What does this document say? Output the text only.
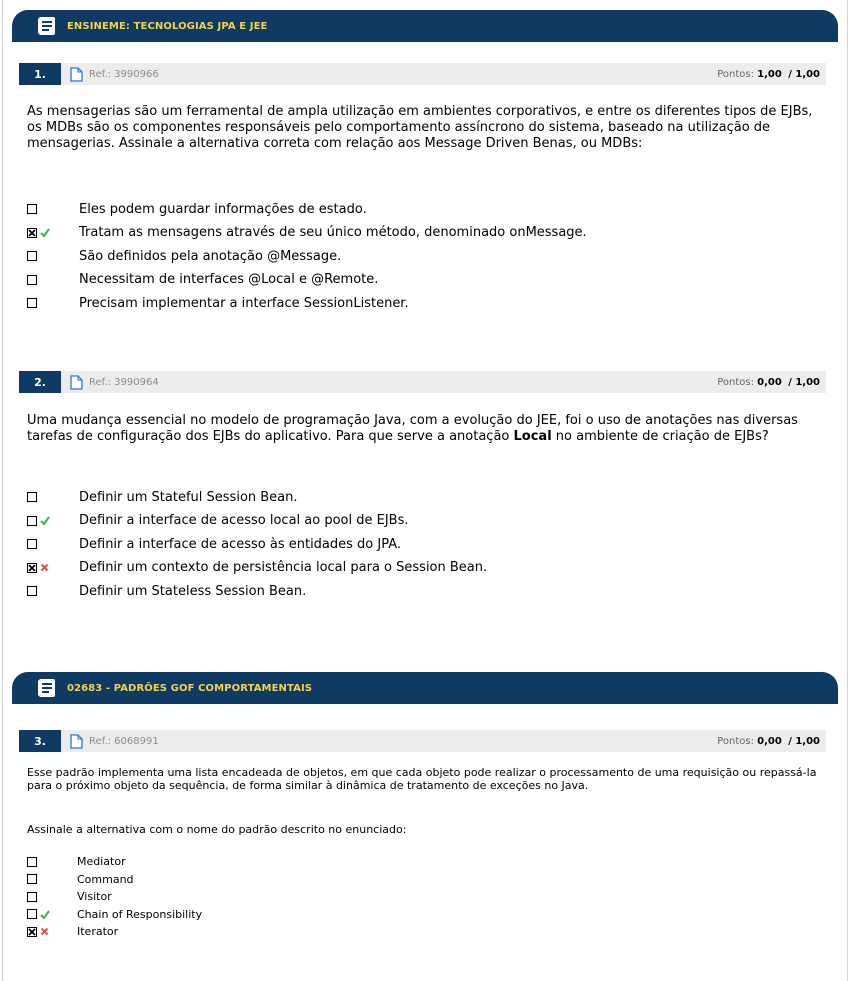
ENSINEME: TECNOLOGIAS JPA E JEE
1.	Ref.: 3990966	Pontos: 1,00 / 1,00
As mensagerias são um ferramental de ampla utilização em ambientes corporativos, e entre os diferentes tipos de EJBs, os MDBs são os componentes responsáveis pelo comportamento assíncrono do sistema, baseado na utilização de mensagerias. Assinale a alternativa correta com relação aos Message Driven Benas, ou MDBs:
Eles podem guardar informações de estado.
Tratam as mensagens através de seu único método, denominado onMessage.
São definidos pela anotação @Message.
Necessitam de interfaces @Local e @Remote.
Precisam implementar a interface SessionListener.
2.	Ref.: 3990964	Pontos: 0,00 / 1,00
Uma mudança essencial no modelo de programação Java, com a evolução do JEE, foi o uso de anotações nas diversas tarefas de configuração dos EJBs do aplicativo. Para que serve a anotação Local no ambiente de criação de EJBs?
Definir um Stateful Session Bean.
Definir a interface de acesso local ao pool de EJBs.
Definir a interface de acesso às entidades do JPA.
Definir um contexto de persistência local para o Session Bean.
Definir um Stateless Session Bean.
02683 - PADRÕES GOF COMPORTAMENTAIS
3.	Ref.: 6068991	Pontos: 0,00 / 1,00
Esse padrão implementa uma lista encadeada de objetos, em que cada objeto pode realizar o processamento de uma requisição ou repassá-la para o próximo objeto da sequência, de forma similar à dinâmica de tratamento de exceções no Java.
Assinale a alternativa com o nome do padrão descrito no enunciado:
Mediator
Command
Visitor
Chain of Responsibility
Iterator
